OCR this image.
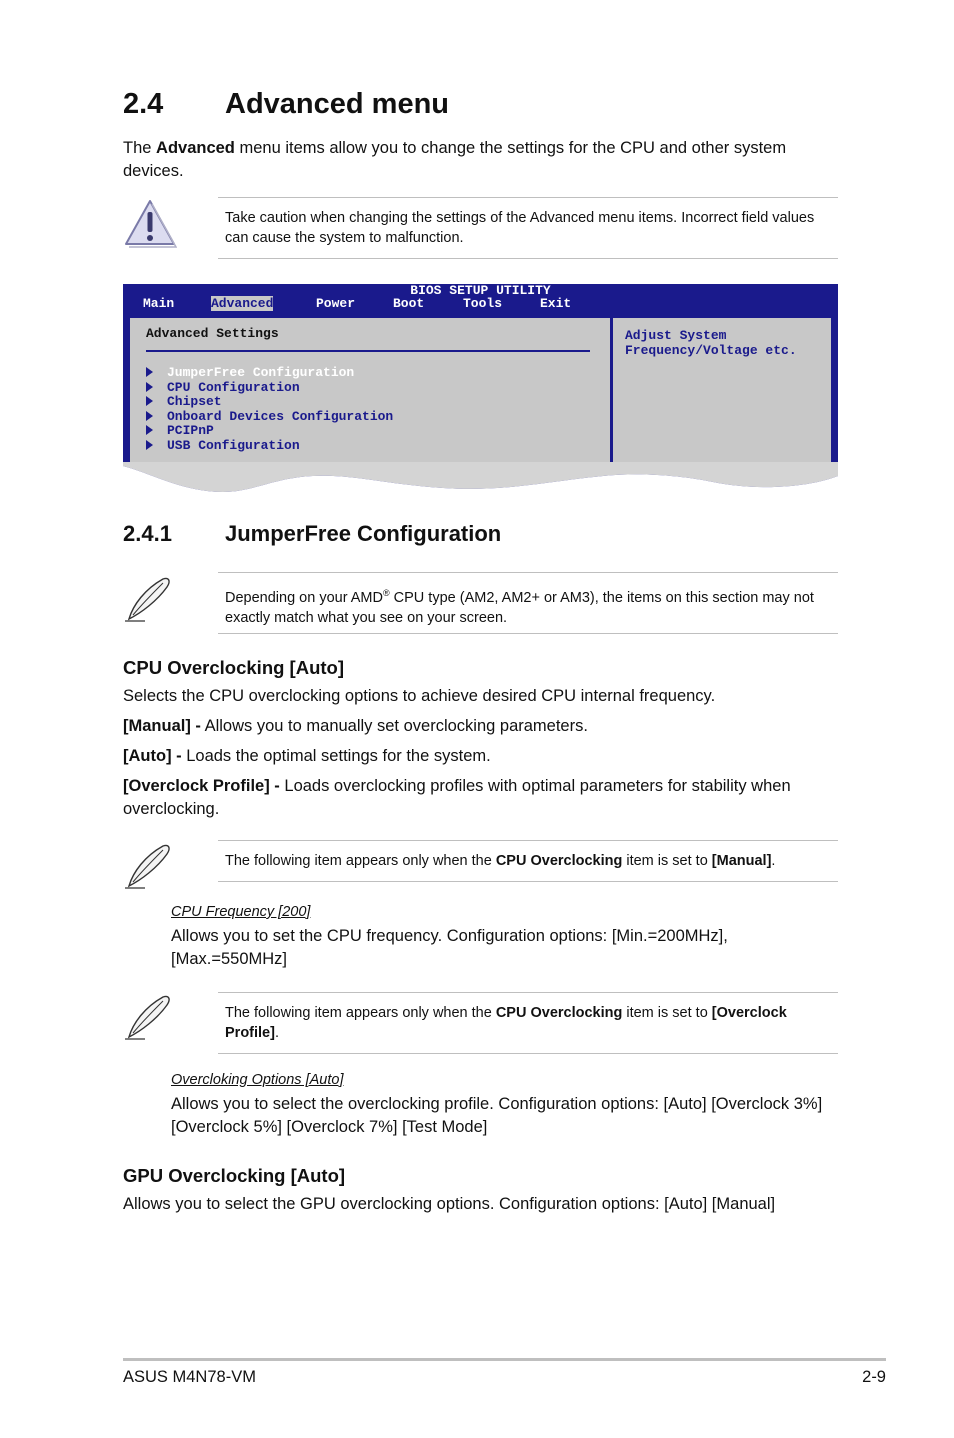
2.4 Advanced menu
The Advanced menu items allow you to change the settings for the CPU and other system devices.
Take caution when changing the settings of the Advanced menu items. Incorrect field values can cause the system to malfunction.
BIOS SETUP UTILITY
Main	Advanced	Power	Boot	Tools	Exit
Advanced Settings
JumperFree Configuration
CPU Configuration
Chipset
Onboard Devices Configuration
PCIPnP
USB Configuration
Adjust System
Frequency/Voltage etc.
2.4.1 JumperFree Configuration
Depending on your AMD® CPU type (AM2, AM2+ or AM3), the items on this section may not exactly match what you see on your screen.
CPU Overclocking [Auto]
Selects the CPU overclocking options to achieve desired CPU internal frequency.
[Manual] - Allows you to manually set overclocking parameters.
[Auto] - Loads the optimal settings for the system.
[Overclock Profile] - Loads overclocking profiles with optimal parameters for stability when overclocking.
The following item appears only when the CPU Overclocking item is set to [Manual].
CPU Frequency [200]
Allows you to set the CPU frequency. Configuration options: [Min.=200MHz], [Max.=550MHz]
The following item appears only when the CPU Overclocking item is set to [Overclock Profile].
Overcloking Options [Auto]
Allows you to select the overclocking profile. Configuration options: [Auto] [Overclock 3%] [Overclock 5%] [Overclock 7%] [Test Mode]
GPU Overclocking [Auto]
Allows you to select the GPU overclocking options. Configuration options: [Auto] [Manual]
ASUS M4N78-VM	2-9
